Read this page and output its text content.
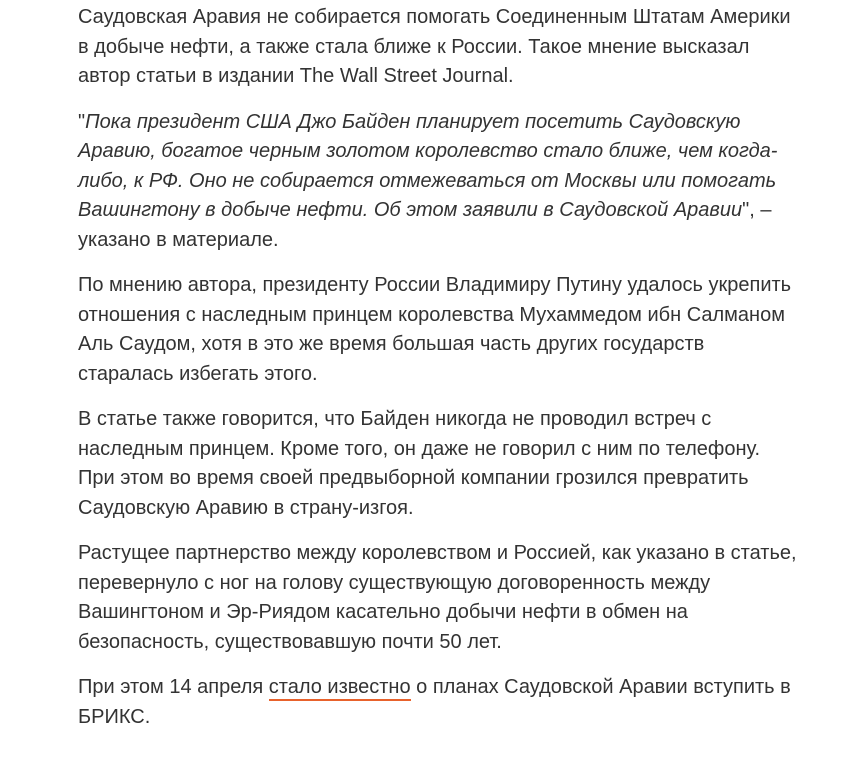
Саудовская Аравия не собирается помогать Соединенным Штатам Америки в добыче нефти, а также стала ближе к России. Такое мнение высказал автор статьи в издании The Wall Street Journal.

"Пока президент США Джо Байден планирует посетить Саудовскую Аравию, богатое черным золотом королевство стало ближе, чем когда-либо, к РФ. Оно не собирается отмежеваться от Москвы или помогать Вашингтону в добыче нефти. Об этом заявили в Саудовской Аравии", – указано в материале.

По мнению автора, президенту России Владимиру Путину удалось укрепить отношения с наследным принцем королевства Мухаммедом ибн Салманом Аль Саудом, хотя в это же время большая часть других государств старалась избегать этого.

В статье также говорится, что Байден никогда не проводил встреч с наследным принцем. Кроме того, он даже не говорил с ним по телефону. При этом во время своей предвыборной компании грозился превратить Саудовскую Аравию в страну-изгоя.

Растущее партнерство между королевством и Россией, как указано в статье, перевернуло с ног на голову существующую договоренность между Вашингтоном и Эр-Риядом касательно добычи нефти в обмен на безопасность, существовавшую почти 50 лет.

При этом 14 апреля стало известно о планах Саудовской Аравии вступить в БРИКС.
